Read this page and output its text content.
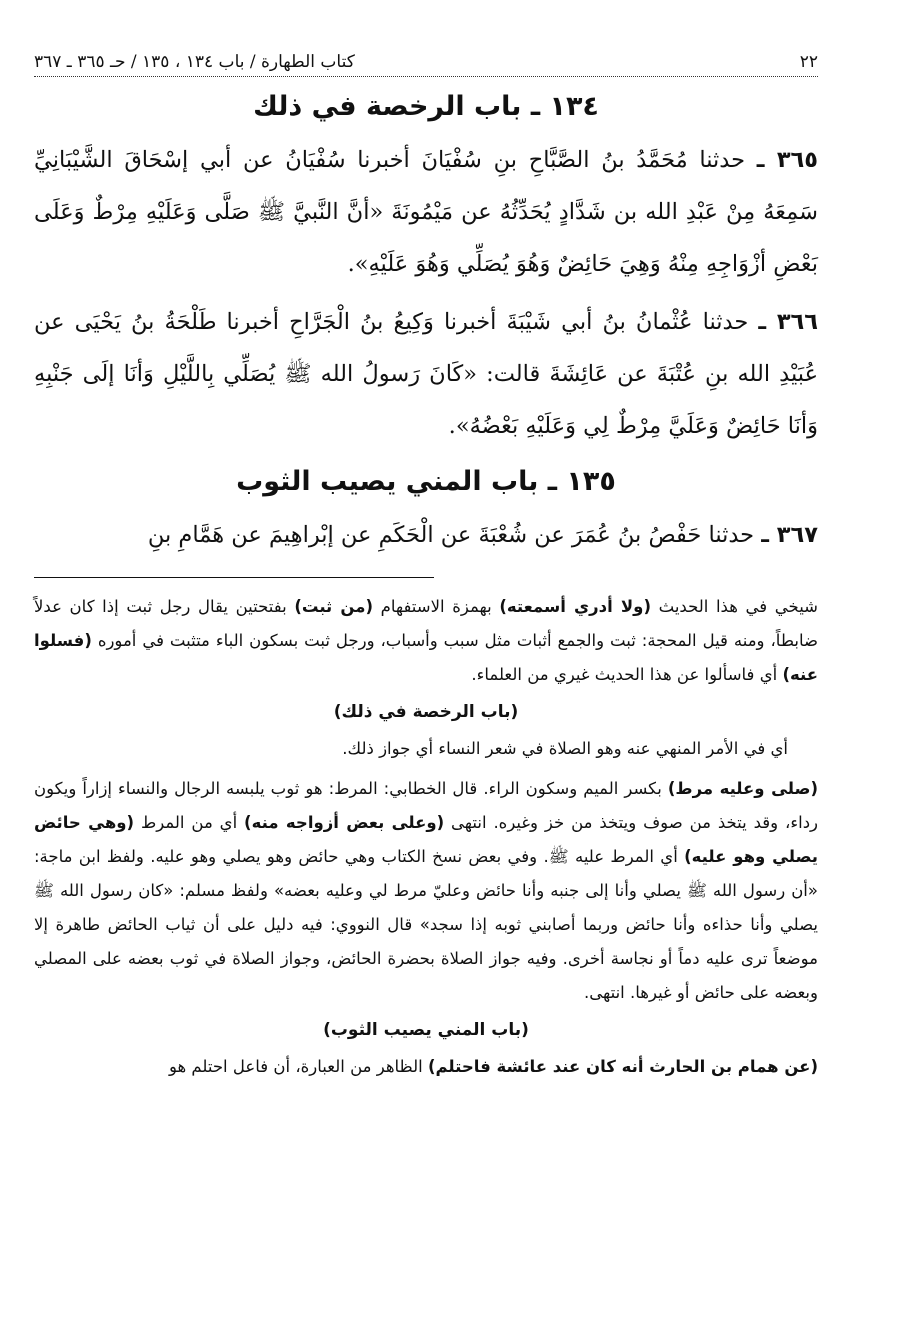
٢٢
كتاب الطهارة / باب ١٣٤ ، ١٣٥ / حـ ٣٦٥ ـ ٣٦٧
١٣٤ ـ باب الرخصة في ذلك

٣٦٥ ـ حدثنا مُحَمَّدُ بنُ الصَّبَّاحِ بنِ سُفْيَانَ أخبرنا سُفْيَانُ عن أبي إسْحَاقَ الشَّيْبَانِيِّ سَمِعَهُ مِنْ عَبْدِ الله بن شَدَّادٍ يُحَدِّثُهُ عن مَيْمُونَةَ «أنَّ النَّبيَّ ﷺ صَلَّى وَعَلَيْهِ مِرْطٌ وَعَلَى بَعْضِ أزْوَاجِهِ مِنْهُ وَهِيَ حَائِضٌ وَهُوَ يُصَلِّي وَهُوَ عَلَيْهِ».

٣٦٦ ـ حدثنا عُثْمانُ بنُ أبي شَيْبَةَ أخبرنا وَكِيعُ بنُ الْجَرَّاحِ أخبرنا طَلْحَةُ بنُ يَحْيَى عن عُبَيْدِ الله بنِ عُتْبَةَ عن عَائِشَةَ قالت: «كَانَ رَسولُ الله ﷺ يُصَلِّي بِاللَّيْلِ وَأنَا إلَى جَنْبِهِ وَأنَا حَائِضٌ وَعَلَيَّ مِرْطٌ لِي وَعَلَيْهِ بَعْضُهُ».

١٣٥ ـ باب المني يصيب الثوب

٣٦٧ ـ حدثنا حَفْصُ بنُ عُمَرَ عن شُعْبَةَ عن الْحَكَمِ عن إبْراهِيمَ عن هَمَّامِ بنِ

شيخي في هذا الحديث (ولا أدري أسمعته) بهمزة الاستفهام (من ثبت) بفتحتين يقال رجل ثبت إذا كان عدلاً ضابطاً، ومنه قيل المحجة: ثبت والجمع أثبات مثل سبب وأسباب، ورجل ثبت بسكون الباء متثبت في أموره (فسلوا عنه) أي فاسألوا عن هذا الحديث غيري من العلماء.

(باب الرخصة في ذلك)

أي في الأمر المنهي عنه وهو الصلاة في شعر النساء أي جواز ذلك.

(صلى وعليه مرط) بكسر الميم وسكون الراء. قال الخطابي: المرط: هو ثوب يلبسه الرجال والنساء إزاراً ويكون رداء، وقد يتخذ من صوف ويتخذ من خز وغيره. انتهى (وعلى بعض أزواجه منه) أي من المرط (وهي حائض يصلي وهو عليه) أي المرط عليه ﷺ. وفي بعض نسخ الكتاب وهي حائض وهو يصلي وهو عليه. ولفظ ابن ماجة: «أن رسول الله ﷺ يصلي وأنا إلى جنبه وأنا حائض وعليّ مرط لي وعليه بعضه» ولفظ مسلم: «كان رسول الله ﷺ يصلي وأنا حذاءه وأنا حائض وربما أصابني ثوبه إذا سجد» قال النووي: فيه دليل على أن ثياب الحائض طاهرة إلا موضعاً ترى عليه دماً أو نجاسة أخرى. وفيه جواز الصلاة بحضرة الحائض، وجواز الصلاة في ثوب بعضه على المصلي وبعضه على حائض أو غيرها. انتهى.

(باب المني يصيب الثوب)

(عن همام بن الحارث أنه كان عند عائشة فاحتلم) الظاهر من العبارة، أن فاعل احتلم هو
